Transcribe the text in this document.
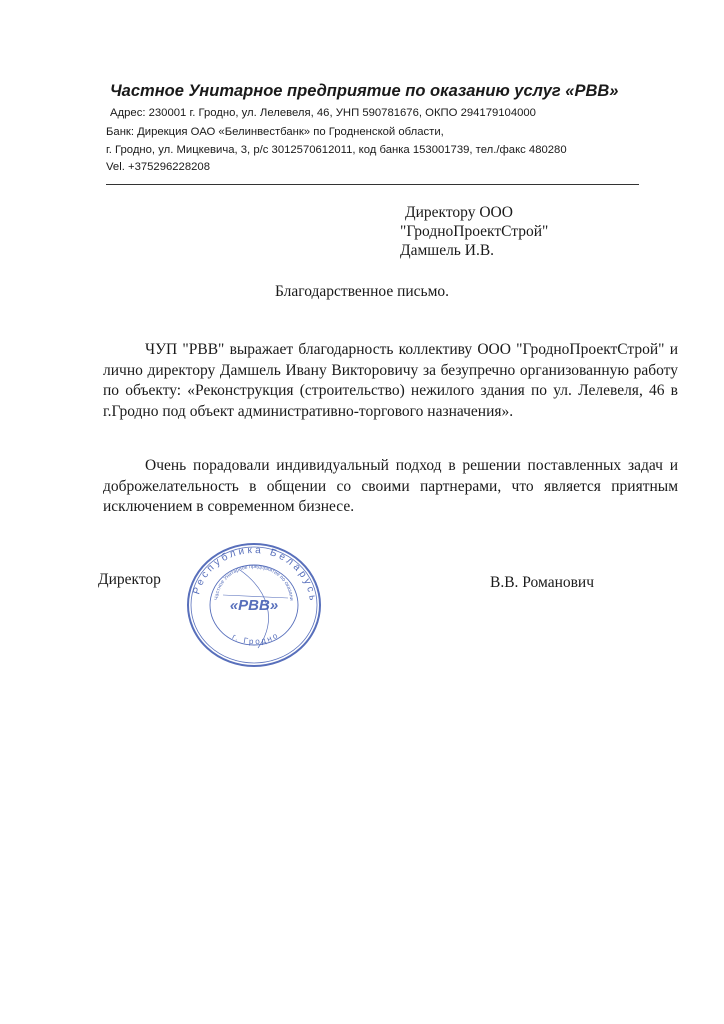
Частное Унитарное предприятие по оказанию услуг «РВВ»
Адрес: 230001 г. Гродно, ул. Лелевеля, 46, УНП 590781676, ОКПО 294179104000
Банк: Дирекция ОАО «Белинвестбанк» по Гродненской области,
г. Гродно, ул. Мицкевича, 3, р/с 3012570612011, код банка 153001739, тел./факс 480280
Vel. +375296228208
Директору ООО
"ГродноПроектСтрой"
Дамшель И.В.
Благодарственное письмо.
ЧУП "РВВ" выражает благодарность коллективу ООО "ГродноПроектСтрой" и лично директору Дамшель Ивану Викторовичу за безупречно организованную работу по объекту: «Реконструкция (строительство) нежилого здания по ул. Лелевеля, 46 в г.Гродно под объект административно-торгового назначения».
Очень порадовали индивидуальный подход в решении поставленных задач и доброжелательность в общении со своими партнерами, что является приятным исключением в современном бизнесе.
Директор	В.В. Романович
Республика Беларусь
Частное Унитарное предприятие по оказани
«РВВ»
г. Гродно
